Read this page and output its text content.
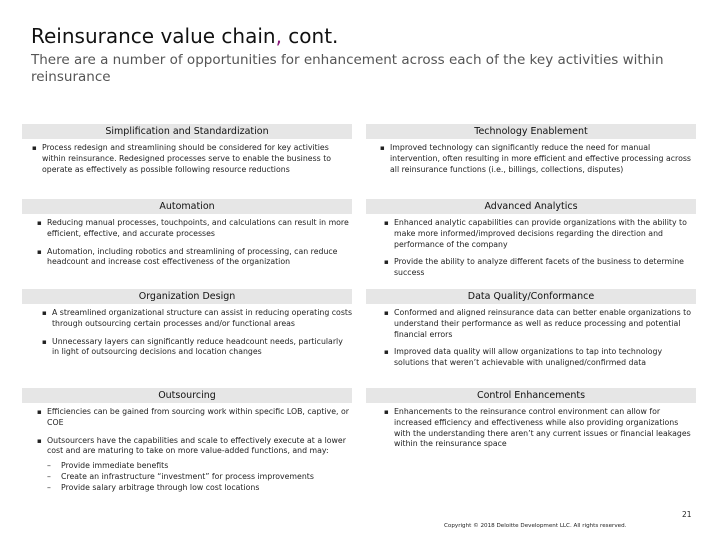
Reinsurance value chain, cont.
There are a number of opportunities for enhancement across each of the key activities within reinsurance
Simplification and Standardization
▪ Process redesign and streamlining should be considered for key activities within reinsurance. Redesigned processes serve to enable the business to operate as effectively as possible following resource reductions
Automation
▪ Reducing manual processes, touchpoints, and calculations can result in more efficient, effective, and accurate processes
▪ Automation, including robotics and streamlining of processing, can reduce headcount and increase cost effectiveness of the organization
Organization Design
▪ A streamlined organizational structure can assist in reducing operating costs through outsourcing certain processes and/or functional areas
▪ Unnecessary layers can significantly reduce headcount needs, particularly in light of outsourcing decisions and location changes
Outsourcing
▪ Efficiencies can be gained from sourcing work within specific LOB, captive, or COE
▪ Outsourcers have the capabilities and scale to effectively execute at a lower cost and are maturing to take on more value-added functions, and may:
– Provide immediate benefits
– Create an infrastructure “investment” for process improvements
– Provide salary arbitrage through low cost locations
Technology Enablement
▪ Improved technology can significantly reduce the need for manual intervention, often resulting in more efficient and effective processing across all reinsurance functions (i.e., billings, collections, disputes)
Advanced Analytics
▪ Enhanced analytic capabilities can provide organizations with the ability to make more informed/improved decisions regarding the direction and performance of the company
▪ Provide the ability to analyze different facets of the business to determine success
Data Quality/Conformance
▪ Conformed and aligned reinsurance data can better enable organizations to understand their performance as well as reduce processing and potential financial errors
▪ Improved data quality will allow organizations to tap into technology solutions that weren’t achievable with unaligned/confirmed data
Control Enhancements
▪ Enhancements to the reinsurance control environment can allow for increased efficiency and effectiveness while also providing organizations with the understanding there aren’t any current issues or financial leakages within the reinsurance space
21
Copyright © 2018 Deloitte Development LLC. All rights reserved.
